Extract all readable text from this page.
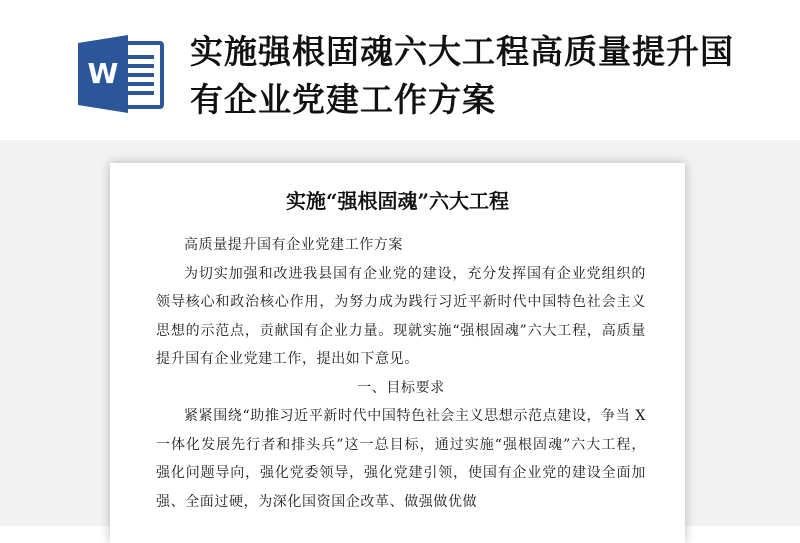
W
实施强根固魂六大工程高质量提升国有企业党建工作方案
实施“强根固魂”六大工程

高质量提升国有企业党建工作方案

为切实加强和改进我县国有企业党的建设，充分发挥国有企业党组织的领导核心和政治核心作用，为努力成为践行习近平新时代中国特色社会主义思想的示范点，贡献国有企业力量。现就实施“强根固魂”六大工程，高质量提升国有企业党建工作，提出如下意见。

一、目标要求

紧紧围绕“助推习近平新时代中国特色社会主义思想示范点建设，争当 X 一体化发展先行者和排头兵”这一总目标，通过实施“强根固魂”六大工程，强化问题导向，强化党委领导，强化党建引领，使国有企业党的建设全面加强、全面过硬，为深化国资国企改革、做强做优做
